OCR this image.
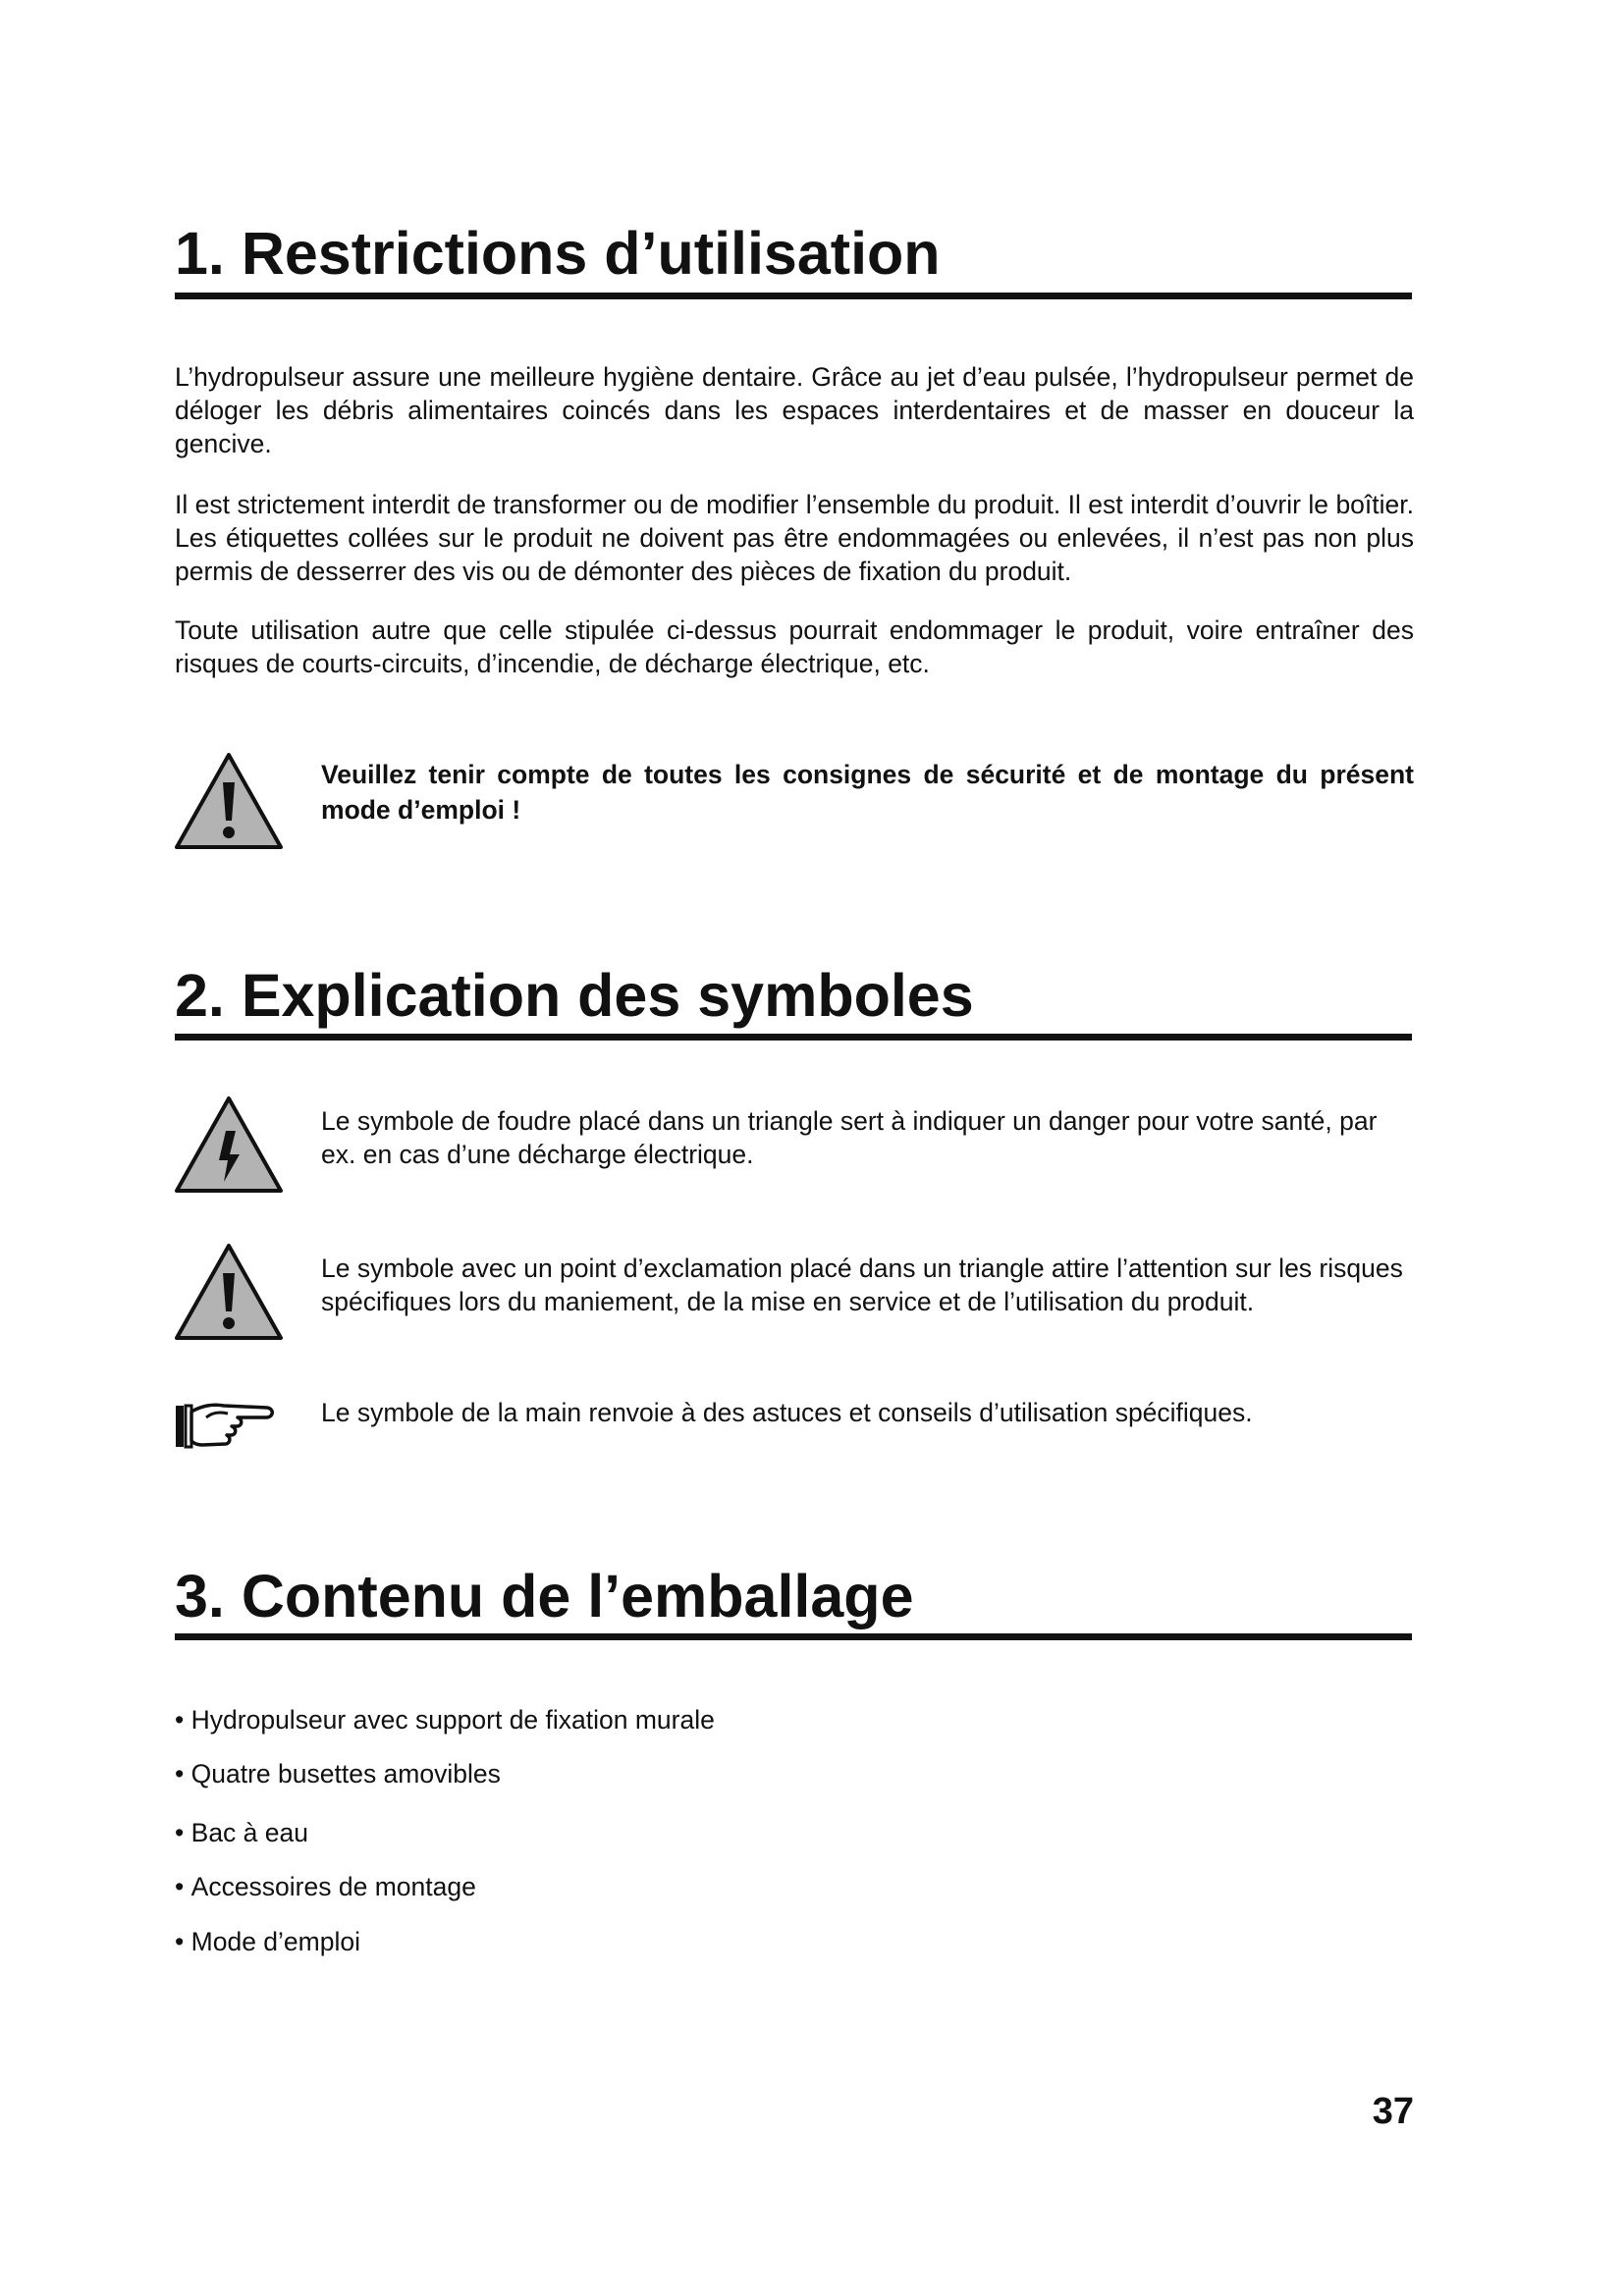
1. Restrictions d’utilisation

L’hydropulseur assure une meilleure hygiène dentaire. Grâce au jet d’eau pulsée, l’hydropulseur permet de déloger les débris alimentaires coincés dans les espaces interdentaires et de masser en douceur la gencive.

Il est strictement interdit de transformer ou de modifier l’ensemble du produit. Il est interdit d’ouvrir le boîtier. Les étiquettes collées sur le produit ne doivent pas être endommagées ou enlevées, il n’est pas non plus permis de desserrer des vis ou de démonter des pièces de fixation du produit.

Toute utilisation autre que celle stipulée ci-dessus pourrait endommager le produit, voire entraîner des risques de courts-circuits, d’incendie, de décharge électrique, etc.

Veuillez tenir compte de toutes les consignes de sécurité et de montage du présent mode d’emploi !

2. Explication des symboles

Le symbole de foudre placé dans un triangle sert à indiquer un danger pour votre santé, par ex. en cas d’une décharge électrique.

Le symbole avec un point d’exclamation placé dans un triangle attire l’attention sur les risques spécifiques lors du maniement, de la mise en service et de l’utilisation du produit.

Le symbole de la main renvoie à des astuces et conseils d’utilisation spécifiques.

3. Contenu de l’emballage
• Hydropulseur avec support de fixation murale
• Quatre busettes amovibles
• Bac à eau
• Accessoires de montage
• Mode d’emploi
37
